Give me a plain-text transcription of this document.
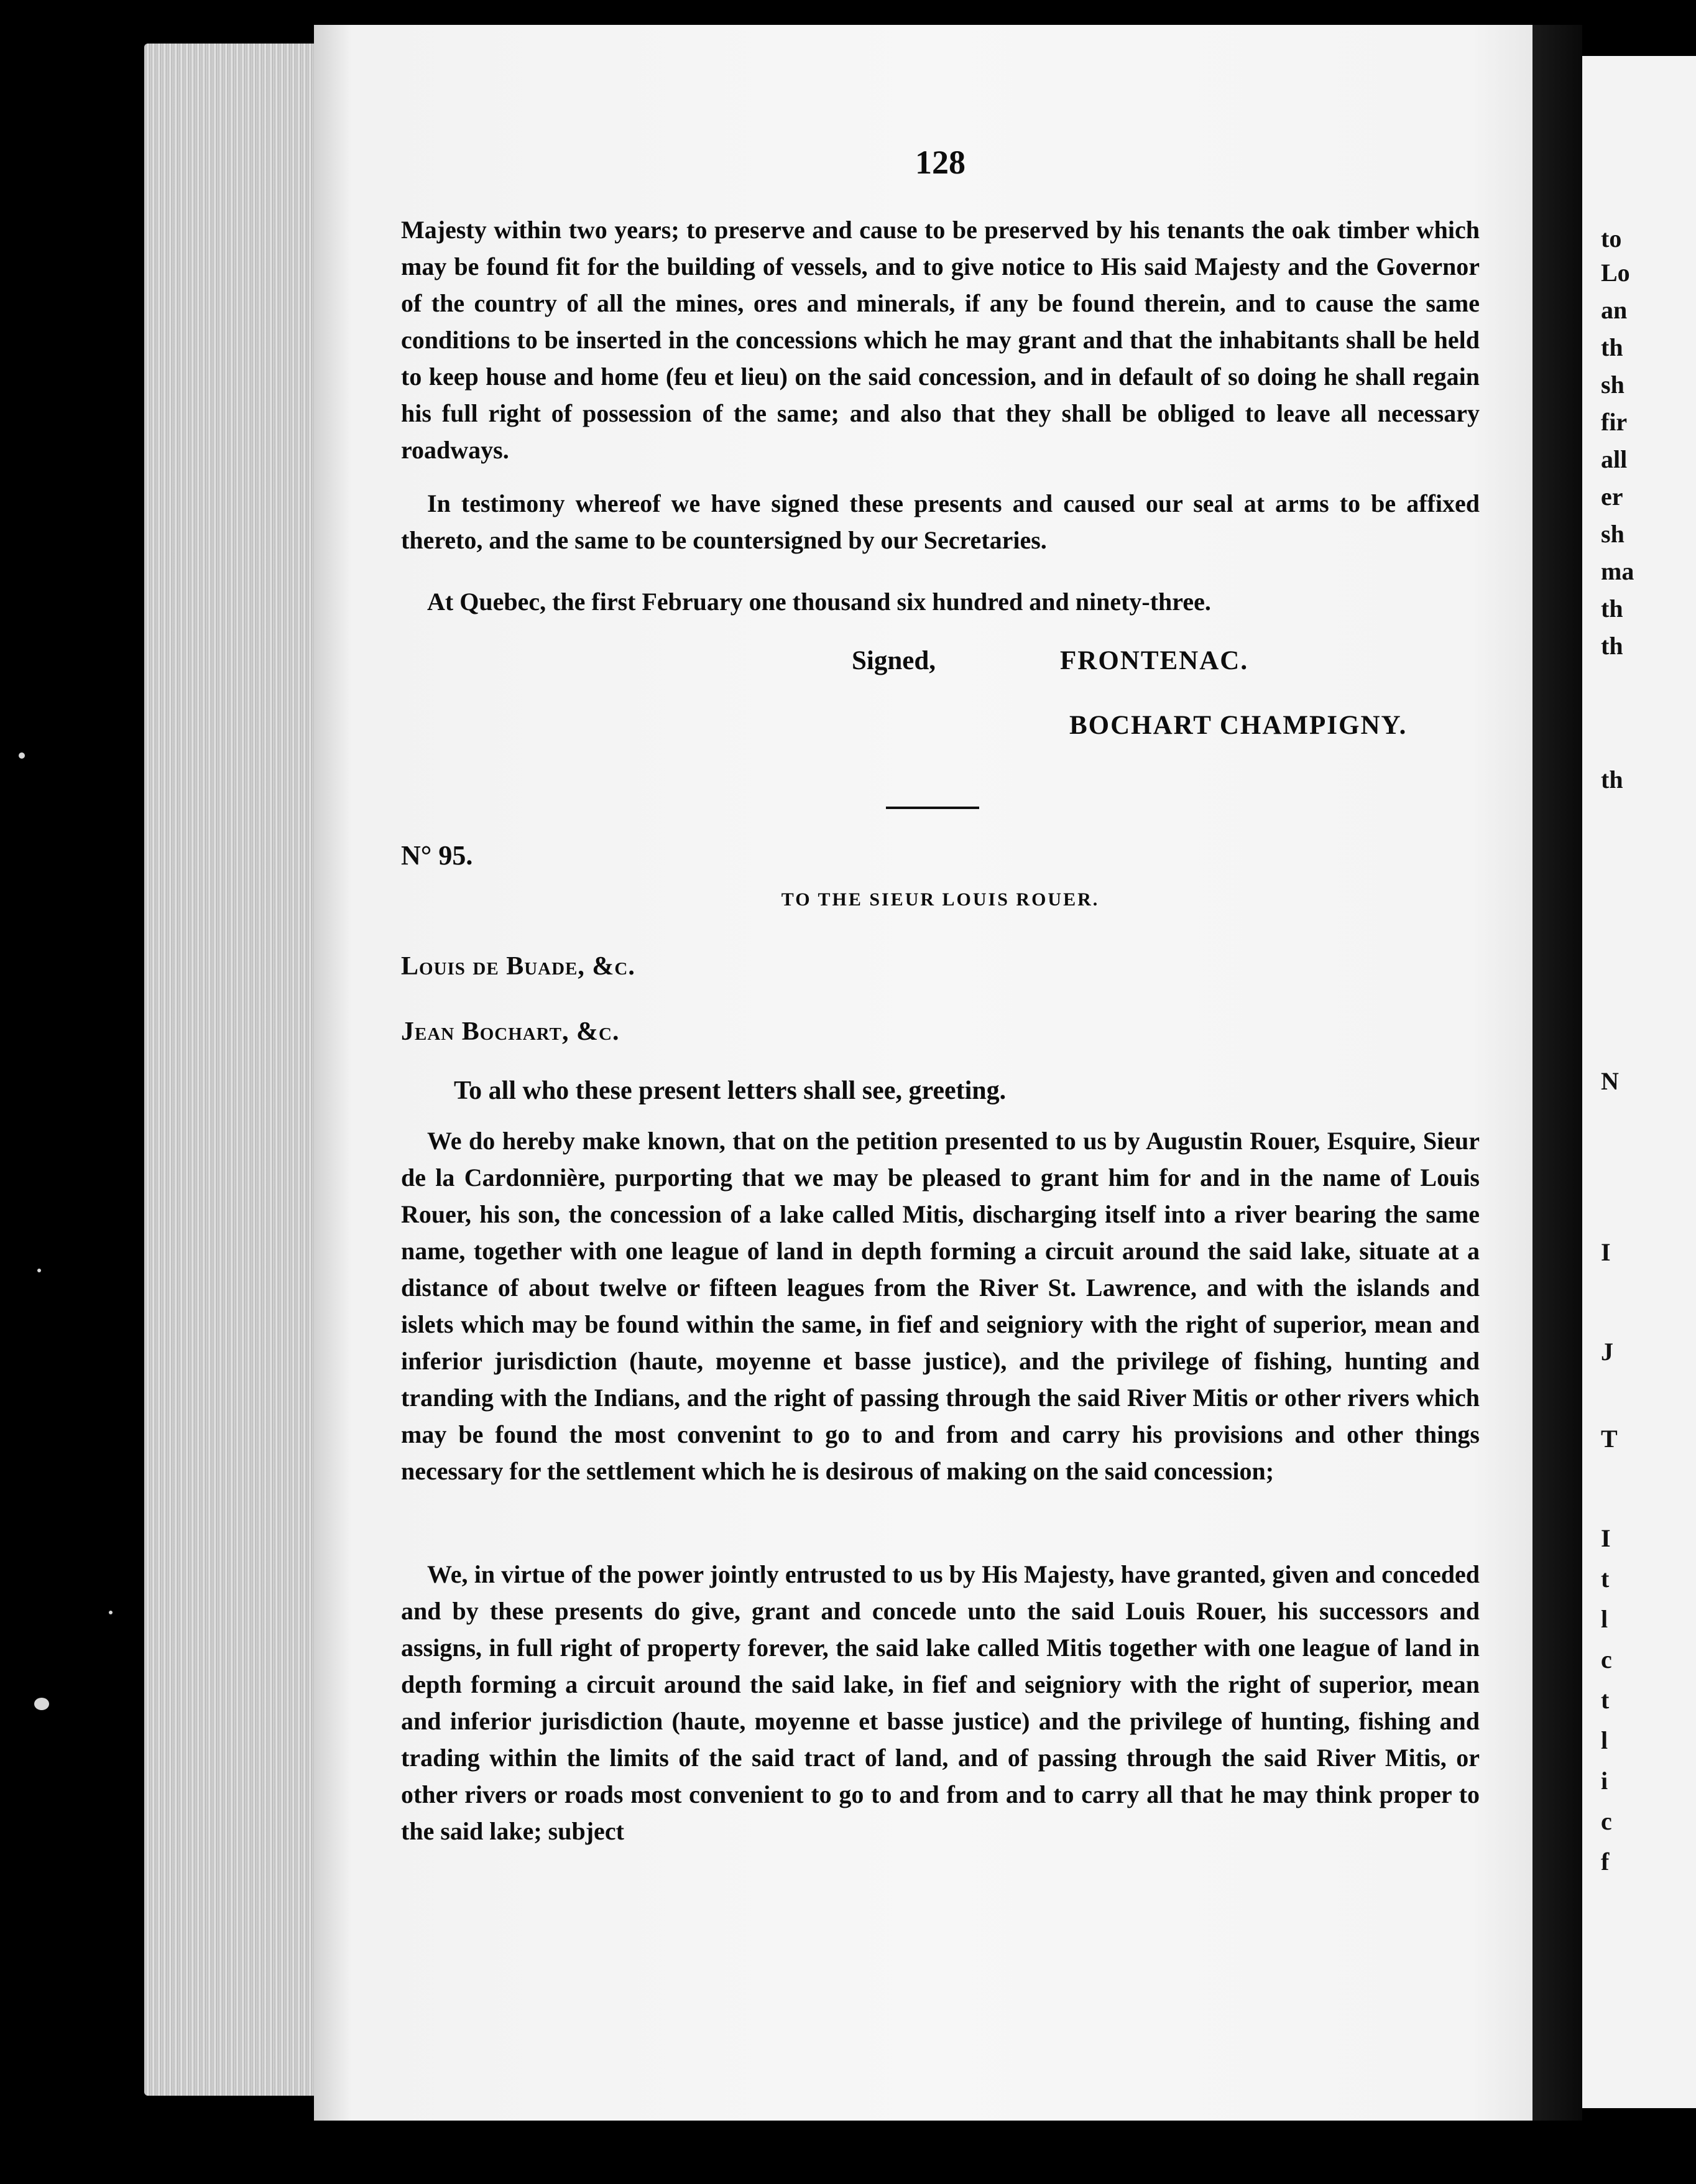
to
Lo
an
th
sh
fir
all
er
sh
ma
th
th
th
N
I
J
T
I
t
l
c
t
l
i
c
f
128
Majesty within two years; to preserve and cause to be preserved by his tenants the oak timber which may be found fit for the building of vessels, and to give notice to His said Majesty and the Governor of the country of all the mines, ores and minerals, if any be found therein, and to cause the same conditions to be inserted in the concessions which he may grant and that the inhabitants shall be held to keep house and home (feu et lieu) on the said concession, and in default of so doing he shall regain his full right of possession of the same; and also that they shall be obliged to leave all necessary roadways.
In testimony whereof we have signed these presents and caused our seal at arms to be affixed thereto, and the same to be countersigned by our Secretaries.
At Quebec, the first February one thousand six hundred and ninety-three.
Signed,	FRONTENAC.
BOCHART CHAMPIGNY.
N° 95.
TO THE SIEUR LOUIS ROUER.
Louis de Buade, &c.
Jean Bochart, &c.
To all who these present letters shall see, greeting.
We do hereby make known, that on the petition presented to us by Augustin Rouer, Esquire, Sieur de la Cardonnière, purporting that we may be pleased to grant him for and in the name of Louis Rouer, his son, the concession of a lake called Mitis, discharging itself into a river bearing the same name, together with one league of land in depth forming a circuit around the said lake, situate at a distance of about twelve or fifteen leagues from the River St. Lawrence, and with the islands and islets which may be found within the same, in fief and seigniory with the right of superior, mean and inferior jurisdiction (haute, moyenne et basse justice), and the privilege of fishing, hunting and tranding with the Indians, and the right of passing through the said River Mitis or other rivers which may be found the most convenint to go to and from and carry his provisions and other things necessary for the settlement which he is desirous of making on the said concession;
We, in virtue of the power jointly entrusted to us by His Majesty, have granted, given and conceded and by these presents do give, grant and concede unto the said Louis Rouer, his successors and assigns, in full right of property forever, the said lake called Mitis together with one league of land in depth forming a circuit around the said lake, in fief and seigniory with the right of superior, mean and inferior jurisdiction (haute, moyenne et basse justice) and the privilege of hunting, fishing and trading within the limits of the said tract of land, and of passing through the said River Mitis, or other rivers or roads most convenient to go to and from and to carry all that he may think proper to the said lake; subject
